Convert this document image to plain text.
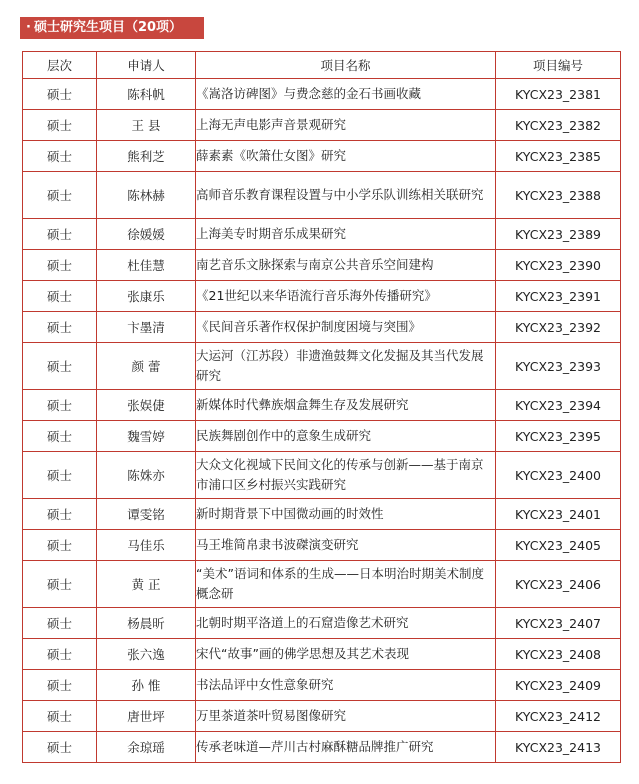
· 硕士研究生项目（20项）
层次	申请人	项目名称	项目编号
硕士	陈科帆	《嵩洛访碑图》与费念慈的金石书画收藏	KYCX23_2381
硕士	王 县	上海无声电影声音景观研究	KYCX23_2382
硕士	熊利芝	薛素素《吹箫仕女图》研究	KYCX23_2385
硕士	陈林赫	高师音乐教育课程设置与中小学乐队训练相关联研究	KYCX23_2388
硕士	徐媛媛	上海美专时期音乐成果研究	KYCX23_2389
硕士	杜佳慧	南艺音乐文脉探索与南京公共音乐空间建构	KYCX23_2390
硕士	张康乐	《21世纪以来华语流行音乐海外传播研究》	KYCX23_2391
硕士	卞墨清	《民间音乐著作权保护制度困境与突围》	KYCX23_2392
硕士	颜 蕾	大运河（江苏段）非遗渔鼓舞文化发掘及其当代发展研究	KYCX23_2393
硕士	张娱倢	新媒体时代彝族烟盒舞生存及发展研究	KYCX23_2394
硕士	魏雪婷	民族舞剧创作中的意象生成研究	KYCX23_2395
硕士	陈姝亦	大众文化视域下民间文化的传承与创新——基于南京市浦口区乡村振兴实践研究	KYCX23_2400
硕士	谭雯铭	新时期背景下中国微动画的时效性	KYCX23_2401
硕士	马佳乐	马王堆简帛隶书波磔演变研究	KYCX23_2405
硕士	黄 正	“美术”语词和体系的生成——日本明治时期美术制度概念研	KYCX23_2406
硕士	杨晨昕	北朝时期平洛道上的石窟造像艺术研究	KYCX23_2407
硕士	张六逸	宋代“故事”画的佛学思想及其艺术表现	KYCX23_2408
硕士	孙 惟	书法品评中女性意象研究	KYCX23_2409
硕士	唐世坪	万里茶道茶叶贸易图像研究	KYCX23_2412
硕士	余琼瑶	传承老味道—芹川古村麻酥糖品牌推广研究	KYCX23_2413
